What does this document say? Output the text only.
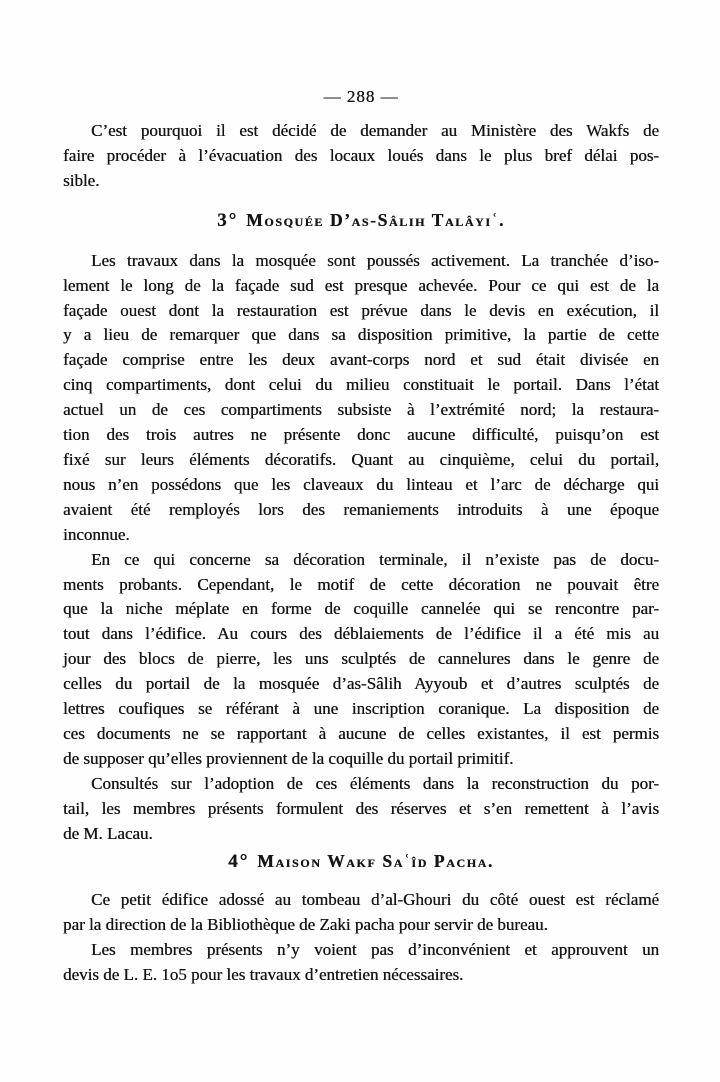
— 288 —
C’est pourquoi il est décidé de demander au Ministère des Wakfs de
faire procéder à l’évacuation des locaux loués dans le plus bref délai pos-
sible.
3° Mosquée D’as-Sâlih Talâyiʿ.
Les travaux dans la mosquée sont poussés activement. La tranchée d’iso-
lement le long de la façade sud est presque achevée. Pour ce qui est de la
façade ouest dont la restauration est prévue dans le devis en exécution, il
y a lieu de remarquer que dans sa disposition primitive, la partie de cette
façade comprise entre les deux avant-corps nord et sud était divisée en
cinq compartiments, dont celui du milieu constituait le portail. Dans l’état
actuel un de ces compartiments subsiste à l’extrémité nord; la restaura-
tion des trois autres ne présente donc aucune difficulté, puisqu’on est
fixé sur leurs éléments décoratifs. Quant au cinquième, celui du portail,
nous n’en possédons que les claveaux du linteau et l’arc de décharge qui
avaient été remployés lors des remaniements introduits à une époque
inconnue.
En ce qui concerne sa décoration terminale, il n’existe pas de docu-
ments probants. Cependant, le motif de cette décoration ne pouvait être
que la niche méplate en forme de coquille cannelée qui se rencontre par-
tout dans l’édifice. Au cours des déblaiements de l’édifice il a été mis au
jour des blocs de pierre, les uns sculptés de cannelures dans le genre de
celles du portail de la mosquée d’as-Sâlih Ayyoub et d’autres sculptés de
lettres coufiques se référant à une inscription coranique. La disposition de
ces documents ne se rapportant à aucune de celles existantes, il est permis
de supposer qu’elles proviennent de la coquille du portail primitif.
Consultés sur l’adoption de ces éléments dans la reconstruction du por-
tail, les membres présents formulent des réserves et s’en remettent à l’avis
de M. Lacau.
4° Maison Wakf Saʿîd Pacha.
Ce petit édifice adossé au tombeau d’al-Ghouri du côté ouest est réclamé
par la direction de la Bibliothèque de Zaki pacha pour servir de bureau.
Les membres présents n’y voient pas d’inconvénient et approuvent un
devis de L. E. 1o5 pour les travaux d’entretien nécessaires.
